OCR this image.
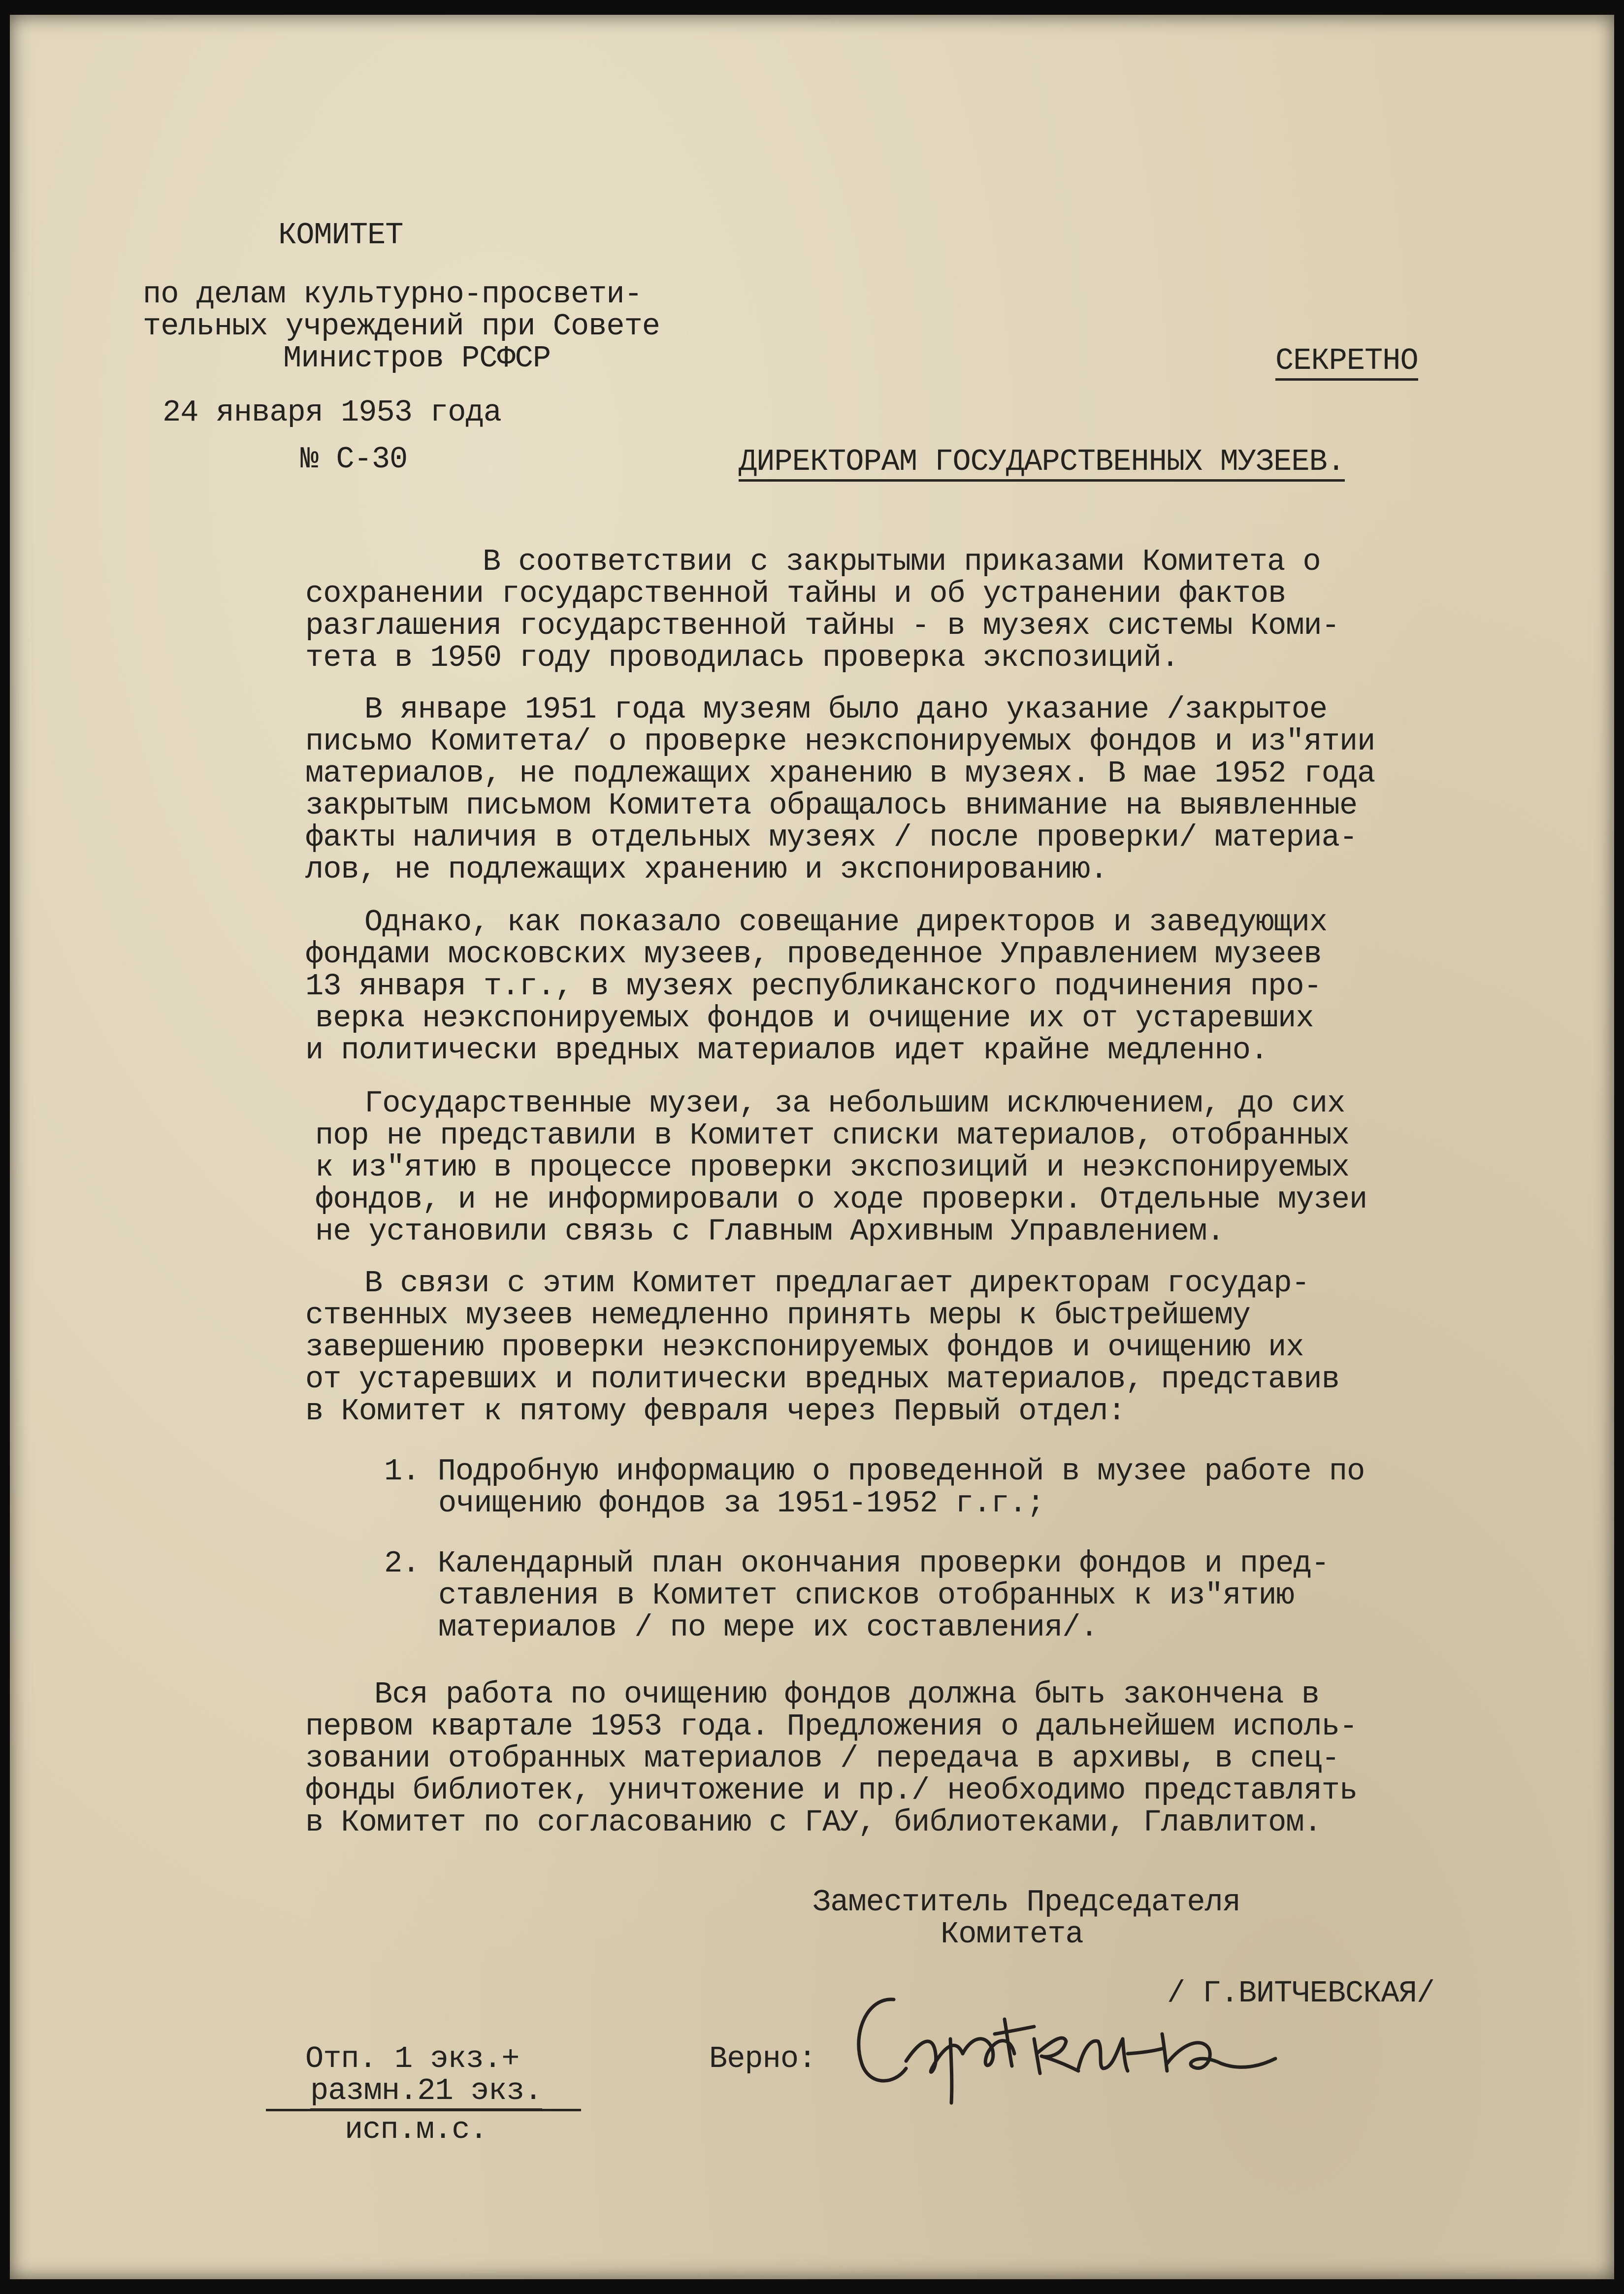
КОМИТЕТ
по делам культурно-просвети-
тельных учреждений при Совете
Министров РСФСР	СЕКРЕТНО
24 января 1953 года
№ С-30	ДИРЕКТОРАМ ГОСУДАРСТВЕННЫХ МУЗЕЕВ.
В соответствии с закрытыми приказами Комитета о
сохранении государственной тайны и об устранении фактов
разглашения государственной тайны - в музеях системы Коми-
тета в 1950 году проводилась проверка экспозиций.
В январе 1951 года музеям было дано указание /закрытое
письмо Комитета/ о проверке неэкспонируемых фондов и из"ятии
материалов, не подлежащих хранению в музеях. В мае 1952 года
закрытым письмом Комитета обращалось внимание на выявленные
факты наличия в отдельных музеях / после проверки/ материа-
лов, не подлежащих хранению и экспонированию.
Однако, как показало совещание директоров и заведующих
фондами московских музеев, проведенное Управлением музеев
13 января т.г., в музеях республиканского подчинения про-
верка неэкспонируемых фондов и очищение их от устаревших
и политически вредных материалов идет крайне медленно.
Государственные музеи, за небольшим исключением, до сих
пор не представили в Комитет списки материалов, отобранных
к из"ятию в процессе проверки экспозиций и неэкспонируемых
фондов, и не информировали о ходе проверки. Отдельные музеи
не установили связь с Главным Архивным Управлением.
В связи с этим Комитет предлагает директорам государ-
ственных музеев немедленно принять меры к быстрейшему
завершению проверки неэкспонируемых фондов и очищению их
от устаревших и политически вредных материалов, представив
в Комитет к пятому февраля через Первый отдел:
1. Подробную информацию о проведенной в музее работе по
очищению фондов за 1951-1952 г.г.;
2. Календарный план окончания проверки фондов и пред-
ставления в Комитет списков отобранных к из"ятию
материалов / по мере их составления/.
Вся работа по очищению фондов должна быть закончена в
первом квартале 1953 года. Предложения о дальнейшем исполь-
зовании отобранных материалов / передача в архивы, в спец-
фонды библиотек, уничтожение и пр./ необходимо представлять
в Комитет по согласованию с ГАУ, библиотеками, Главлитом.
Заместитель Председателя
Комитета
/ Г.ВИТЧЕВСКАЯ/
Верно:
Отп. 1 экз.+
размн.21 экз.
исп.м.с.
